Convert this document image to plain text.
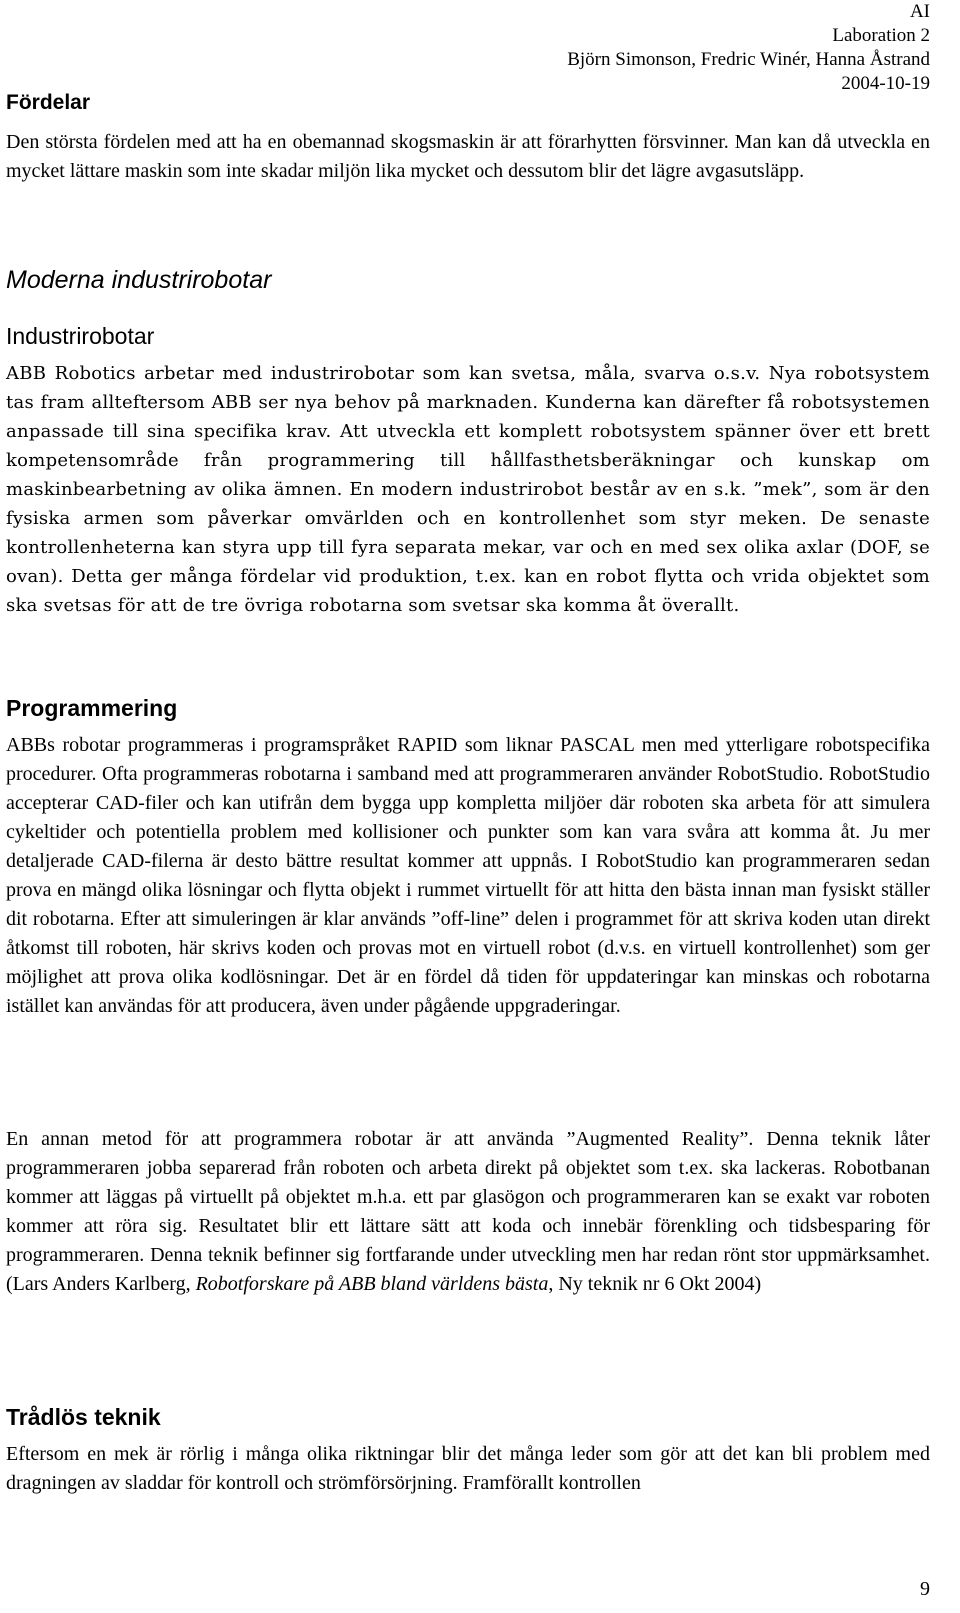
AI
Laboration 2
Björn Simonson, Fredric Winér, Hanna Åstrand
2004-10-19
Fördelar

Den största fördelen med att ha en obemannad skogsmaskin är att förarhytten försvinner. Man kan då utveckla en mycket lättare maskin som inte skadar miljön lika mycket och dessutom blir det lägre avgasutsläpp.

Moderna industrirobotar
Industrirobotar

ABB Robotics arbetar med industrirobotar som kan svetsa, måla, svarva o.s.v. Nya robotsystem tas fram allteftersom ABB ser nya behov på marknaden. Kunderna kan därefter få robotsystemen anpassade till sina specifika krav. Att utveckla ett komplett robotsystem spänner över ett brett kompetensområde från programmering till hållfasthetsberäkningar och kunskap om maskinbearbetning av olika ämnen. En modern industrirobot består av en s.k. ”mek”, som är den fysiska armen som påverkar omvärlden och en kontrollenhet som styr meken. De senaste kontrollenheterna kan styra upp till fyra separata mekar, var och en med sex olika axlar (DOF, se ovan). Detta ger många fördelar vid produktion, t.ex. kan en robot flytta och vrida objektet som ska svetsas för att de tre övriga robotarna som svetsar ska komma åt överallt.

Programmering

ABBs robotar programmeras i programspråket RAPID som liknar PASCAL men med ytterligare robotspecifika procedurer. Ofta programmeras robotarna i samband med att programmeraren använder RobotStudio. RobotStudio accepterar CAD-filer och kan utifrån dem bygga upp kompletta miljöer där roboten ska arbeta för att simulera cykeltider och potentiella problem med kollisioner och punkter som kan vara svåra att komma åt. Ju mer detaljerade CAD-filerna är desto bättre resultat kommer att uppnås. I RobotStudio kan programmeraren sedan prova en mängd olika lösningar och flytta objekt i rummet virtuellt för att hitta den bästa innan man fysiskt ställer dit robotarna. Efter att simuleringen är klar används ”off-line” delen i programmet för att skriva koden utan direkt åtkomst till roboten, här skrivs koden och provas mot en virtuell robot (d.v.s. en virtuell kontrollenhet) som ger möjlighet att prova olika kodlösningar. Det är en fördel då tiden för uppdateringar kan minskas och robotarna istället kan användas för att producera, även under pågående uppgraderingar.

En annan metod för att programmera robotar är att använda ”Augmented Reality”. Denna teknik låter programmeraren jobba separerad från roboten och arbeta direkt på objektet som t.ex. ska lackeras. Robotbanan kommer att läggas på virtuellt på objektet m.h.a. ett par glasögon och programmeraren kan se exakt var roboten kommer att röra sig. Resultatet blir ett lättare sätt att koda och innebär förenkling och tidsbesparing för programmeraren. Denna teknik befinner sig fortfarande under utveckling men har redan rönt stor uppmärksamhet. (Lars Anders Karlberg, Robotforskare på ABB bland världens bästa, Ny teknik nr 6 Okt 2004)

Trådlös teknik

Eftersom en mek är rörlig i många olika riktningar blir det många leder som gör att det kan bli problem med dragningen av sladdar för kontroll och strömförsörjning. Framförallt kontrollen

9
